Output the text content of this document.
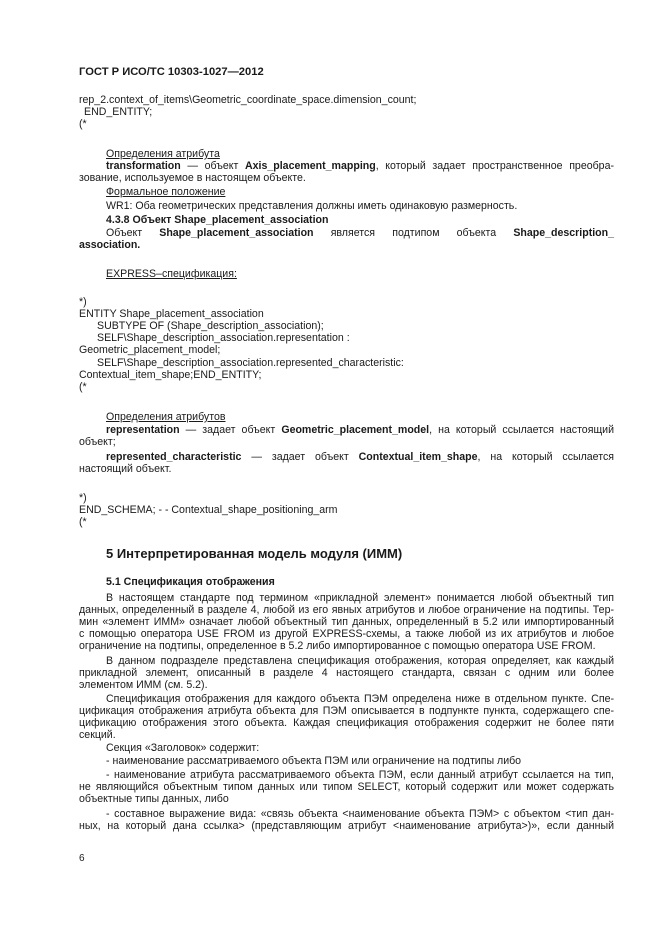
ГОСТ Р ИСО/ТС 10303-1027—2012
rep_2.context_of_items\Geometric_coordinate_space.dimension_count;
END_ENTITY;
(*
Определения атрибута
transformation — объект Axis_placement_mapping, который задает пространственное преобра-
зование, используемое в настоящем объекте.
Формальное положение
WR1: Оба геометрических представления должны иметь одинаковую размерность.
4.3.8 Объект Shape_placement_association
Объект Shape_placement_association является подтипом объекта Shape_description_
association.
EXPRESS–спецификация:
*)
ENTITY Shape_placement_association
SUBTYPE OF (Shape_description_association);
SELF\Shape_description_association.representation :
Geometric_placement_model;
SELF\Shape_description_association.represented_characteristic:
Contextual_item_shape;END_ENTITY;
(*
Определения атрибутов
representation — задает объект Geometric_placement_model, на который ссылается настоящий
объект;
represented_characteristic — задает объект Contextual_item_shape, на который ссылается
настоящий объект.
*)
END_SCHEMA; - - Contextual_shape_positioning_arm
(*
5 Интерпретированная модель модуля (ИММ)
5.1 Спецификация отображения
В настоящем стандарте под термином «прикладной элемент» понимается любой объектный тип
данных, определенный в разделе 4, любой из его явных атрибутов и любое ограничение на подтипы. Тер-
мин «элемент ИММ» означает любой объектный тип данных, определенный в 5.2 или импортированный
с помощью оператора USE FROM из другой EXPRESS-схемы, а также любой из их атрибутов и любое
ограничение на подтипы, определенное в 5.2 либо импортированное с помощью оператора USE FROM.
В данном подразделе представлена спецификация отображения, которая определяет, как каждый
прикладной элемент, описанный в разделе 4 настоящего стандарта, связан с одним или более
элементом ИММ (см. 5.2).
Спецификация отображения для каждого объекта ПЭМ определена ниже в отдельном пункте. Спе-
цификация отображения атрибута объекта для ПЭМ описывается в подпункте пункта, содержащего спе-
цификацию отображения этого объекта. Каждая спецификация отображения содержит не более пяти
секций.
Секция «Заголовок» содержит:
- наименование рассматриваемого объекта ПЭМ или ограничение на подтипы либо
- наименование атрибута рассматриваемого объекта ПЭМ, если данный атрибут ссылается на тип,
не являющийся объектным типом данных или типом SELECT, который содержит или может содержать
объектные типы данных, либо
- составное выражение вида: «связь объекта <наименование объекта ПЭМ> с объектом <тип дан-
ных, на который дана ссылка> (представляющим атрибут <наименование атрибута>)», если данный
6
